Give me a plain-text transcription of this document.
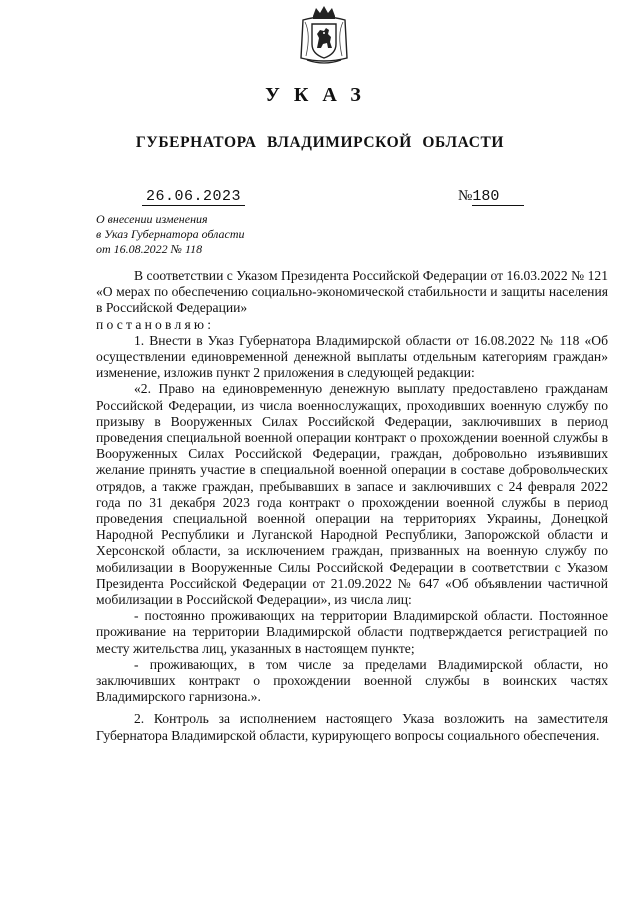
УКАЗ
ГУБЕРНАТОРА ВЛАДИМИРСКОЙ ОБЛАСТИ
26.06.2023	№180
О внесении изменения
в Указ Губернатора области
от 16.08.2022 № 118

В соответствии с Указом Президента Российской Федерации от 16.03.2022 № 121 «О мерах по обеспечению социально-экономической стабильности и защиты населения в Российской Федерации»

постановляю:

1. Внести в Указ Губернатора Владимирской области от 16.08.2022 № 118 «Об осуществлении единовременной денежной выплаты отдельным категориям граждан» изменение, изложив пункт 2 приложения в следующей редакции:

«2. Право на единовременную денежную выплату предоставлено гражданам Российской Федерации, из числа военнослужащих, проходивших военную службу по призыву в Вооруженных Силах Российской Федерации, заключивших в период проведения специальной военной операции контракт о прохождении военной службы в Вооруженных Силах Российской Федерации, граждан, добровольно изъявивших желание принять участие в специальной военной операции в составе добровольческих отрядов, а также граждан, пребывавших в запасе и заключивших с 24 февраля 2022 года по 31 декабря 2023 года контракт о прохождении военной службы в период проведения специальной военной операции на территориях Украины, Донецкой Народной Республики и Луганской Народной Республики, Запорожской области и Херсонской области, за исключением граждан, призванных на военную службу по мобилизации в Вооруженные Силы Российской Федерации в соответствии с Указом Президента Российской Федерации от 21.09.2022 № 647 «Об объявлении частичной мобилизации в Российской Федерации», из числа лиц:

- постоянно проживающих на территории Владимирской области. Постоянное проживание на территории Владимирской области подтверждается регистрацией по месту жительства лиц, указанных в настоящем пункте;

- проживающих, в том числе за пределами Владимирской области, но заключивших контракт о прохождении военной службы в воинских частях Владимирского гарнизона.».

2. Контроль за исполнением настоящего Указа возложить на заместителя Губернатора Владимирской области, курирующего вопросы социального обеспечения.
